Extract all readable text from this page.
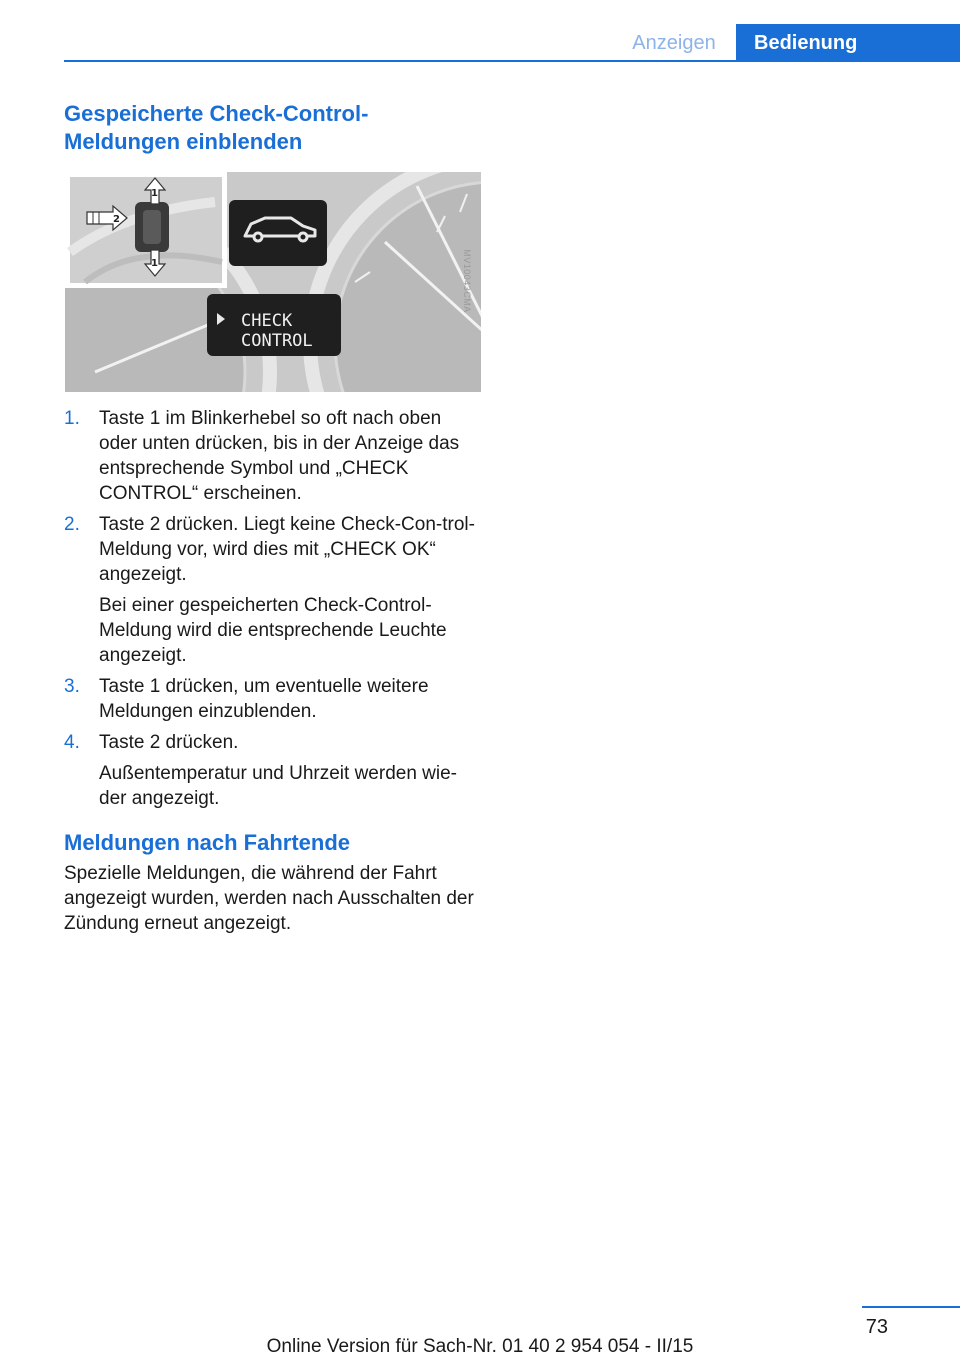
Anzeigen	Bedienung
Gespeicherte Check-Control-
Meldungen einblenden
CHECK
CONTROL
1
1
2
MV10043CMA
1. Taste 1 im Blinkerhebel so oft nach oben oder unten drücken, bis in der Anzeige das entsprechende Symbol und „CHECK CONTROL“ erscheinen.

2. Taste 2 drücken. Liegt keine Check-Con‐trol-Meldung vor, wird dies mit „CHECK OK“ angezeigt.

Bei einer gespeicherten Check-Control-Meldung wird die entsprechende Leuchte angezeigt.

3. Taste 1 drücken, um eventuelle weitere Meldungen einzublenden.

4. Taste 2 drücken.

Außentemperatur und Uhrzeit werden wie‐der angezeigt.

Meldungen nach Fahrtende

Spezielle Meldungen, die während der Fahrt angezeigt wurden, werden nach Ausschalten der Zündung erneut angezeigt.

73
Online Version für Sach-Nr. 01 40 2 954 054 - II/15
